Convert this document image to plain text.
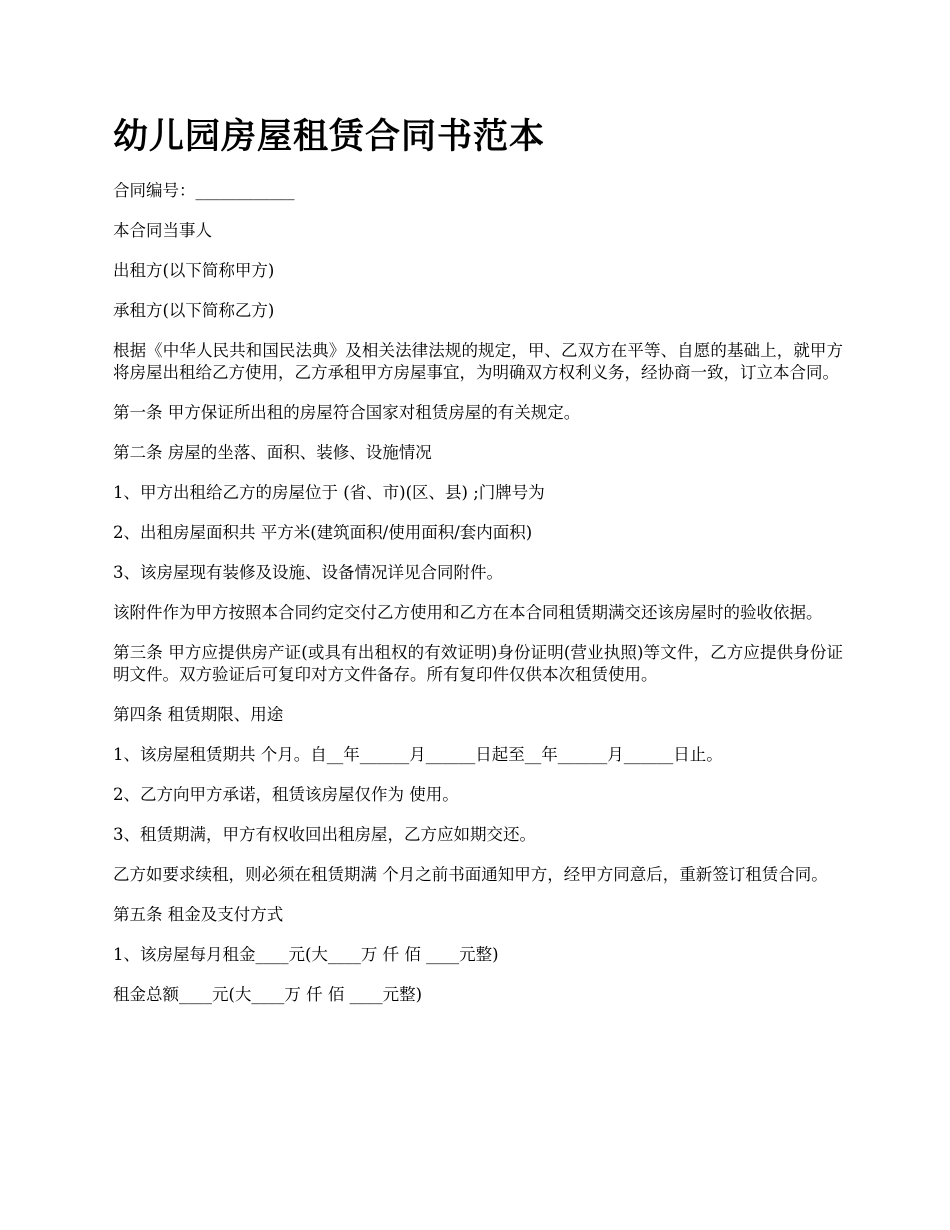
幼儿园房屋租赁合同书范本

合同编号：____________

本合同当事人

出租方(以下简称甲方)

承租方(以下简称乙方)

根据《中华人民共和国民法典》及相关法律法规的规定，甲、乙双方在平等、自愿的基础上，就甲方将房屋出租给乙方使用，乙方承租甲方房屋事宜，为明确双方权利义务，经协商一致，订立本合同。

第一条 甲方保证所出租的房屋符合国家对租赁房屋的有关规定。

第二条 房屋的坐落、面积、装修、设施情况

1、甲方出租给乙方的房屋位于 (省、市)(区、县) ;门牌号为

2、出租房屋面积共 平方米(建筑面积/使用面积/套内面积)

3、该房屋现有装修及设施、设备情况详见合同附件。

该附件作为甲方按照本合同约定交付乙方使用和乙方在本合同租赁期满交还该房屋时的验收依据。

第三条 甲方应提供房产证(或具有出租权的有效证明)身份证明(营业执照)等文件，乙方应提供身份证明文件。双方验证后可复印对方文件备存。所有复印件仅供本次租赁使用。

第四条 租赁期限、用途

1、该房屋租赁期共 个月。自__年______月______日起至__年______月______日止。

2、乙方向甲方承诺，租赁该房屋仅作为 使用。

3、租赁期满，甲方有权收回出租房屋，乙方应如期交还。

乙方如要求续租，则必须在租赁期满 个月之前书面通知甲方，经甲方同意后，重新签订租赁合同。

第五条 租金及支付方式

1、该房屋每月租金____元(大____万 仟 佰 ____元整)

租金总额____元(大____万 仟 佰 ____元整)
